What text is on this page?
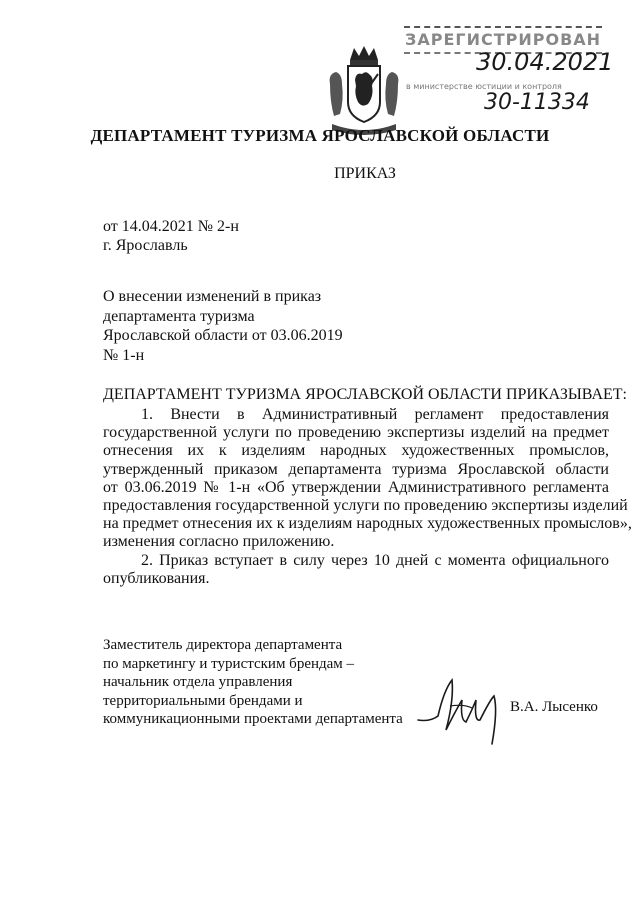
ЗАРЕГИСТРИРОВАН
30.04.2021
в министерстве юстиции и контроля
30-11334
ДЕПАРТАМЕНТ ТУРИЗМА ЯРОСЛАВСКОЙ ОБЛАСТИ
ПРИКАЗ
от 14.04.2021 № 2-н
г. Ярославль
О внесении изменений в приказ
департамента туризма
Ярославской области от 03.06.2019
№ 1-н
ДЕПАРТАМЕНТ ТУРИЗМА ЯРОСЛАВСКОЙ ОБЛАСТИ ПРИКАЗЫВАЕТ:
1. Внести в Административный регламент предоставления
государственной услуги по проведению экспертизы изделий на предмет
отнесения их к изделиям народных художественных промыслов,
утвержденный приказом департамента туризма Ярославской области
от 03.06.2019 № 1-н «Об утверждении Административного регламента
предоставления государственной услуги по проведению экспертизы изделий
на предмет отнесения их к изделиям народных художественных промыслов»,
изменения согласно приложению.
2. Приказ вступает в силу через 10 дней с момента официального
опубликования.
Заместитель директора департамента
по маркетингу и туристским брендам –
начальник отдела управления
территориальными брендами и
коммуникационными проектами департамента
В.А. Лысенко
